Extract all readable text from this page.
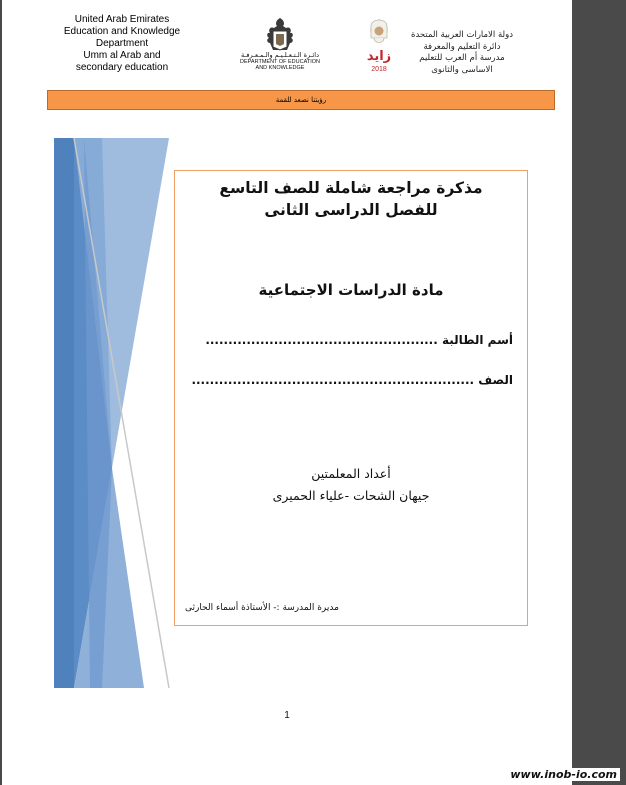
United Arab Emirates
Education and Knowledge
Department
Umm al Arab and
secondary education
دائـرة الـتـعـلـيـم والـمـعـرفـة
DEPARTMENT OF EDUCATION
AND KNOWLEDGE
زايد
2018
دولة الامارات العربية المتحدة
دائرة التعليم والمعرفة
مدرسة أم العرب للتعليم
الاساسى والثانوى
رؤيتنا نصعد للقمة
مذكرة مراجعة شاملة للصف التاسع
للفصل الدراسى الثانى
مادة الدراسات الاجتماعية
أسم الطالبة ...................................................
الصف ..............................................................
أعداد المعلمتين
جيهان الشحات -علياء الحميرى
مديرة المدرسة :- الأستاذة أسماء الحارثى
1
www.inob-io.com
